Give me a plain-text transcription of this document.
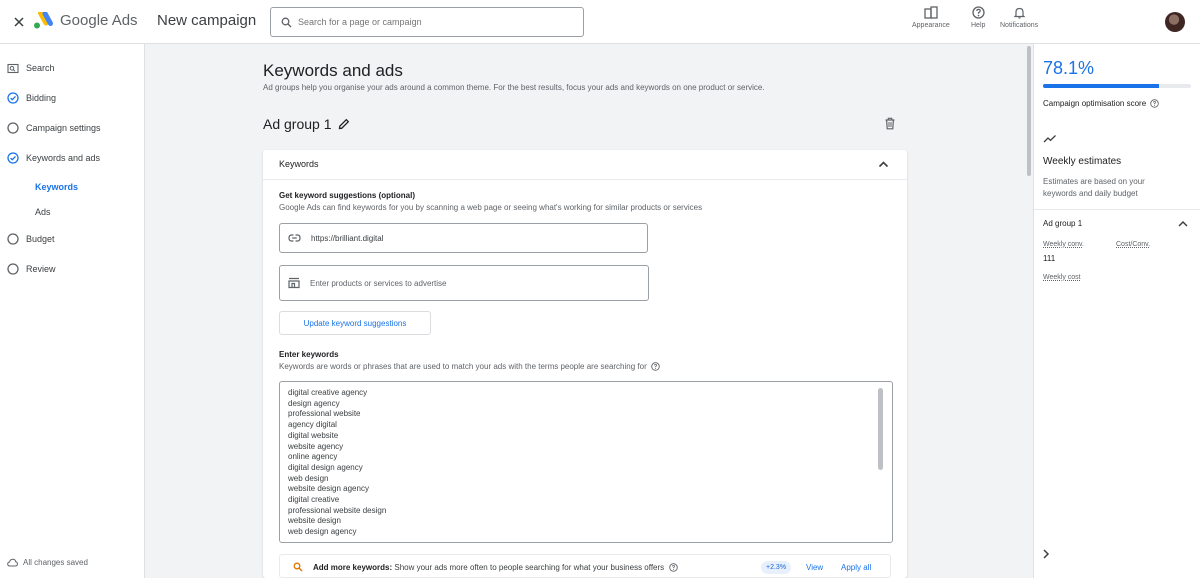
Google Ads New campaign
Search for a page or campaign	Appearance	Help Notifications
Search
Bidding
Campaign settings
Keywords and ads
Keywords
Ads
Budget
Review
All changes saved
Keywords and ads
Ad groups help you organise your ads around a common theme. For the best results, focus your ads and keywords on one product or service.
Ad group 1
Keywords
Get keyword suggestions (optional)
Google Ads can find keywords for you by scanning a web page or seeing what's working for similar products or services
https://brilliant.digital
Enter products or services to advertise
Update keyword suggestions
Enter keywords
Keywords are words or phrases that are used to match your ads with the terms people are searching for
digital creative agency
design agency
professional website
agency digital
digital website
website agency
online agency
digital design agency
web design
website design agency
digital creative
professional website design
website design
web design agency
Add more keywords: Show your ads more often to people searching for what your business offers	+2.3%	View Apply all
78.1%
Campaign optimisation score
Weekly estimates
Estimates are based on your keywords and daily budget
Ad group 1
Weekly conv.	Cost/Conv.
111
Weekly cost
